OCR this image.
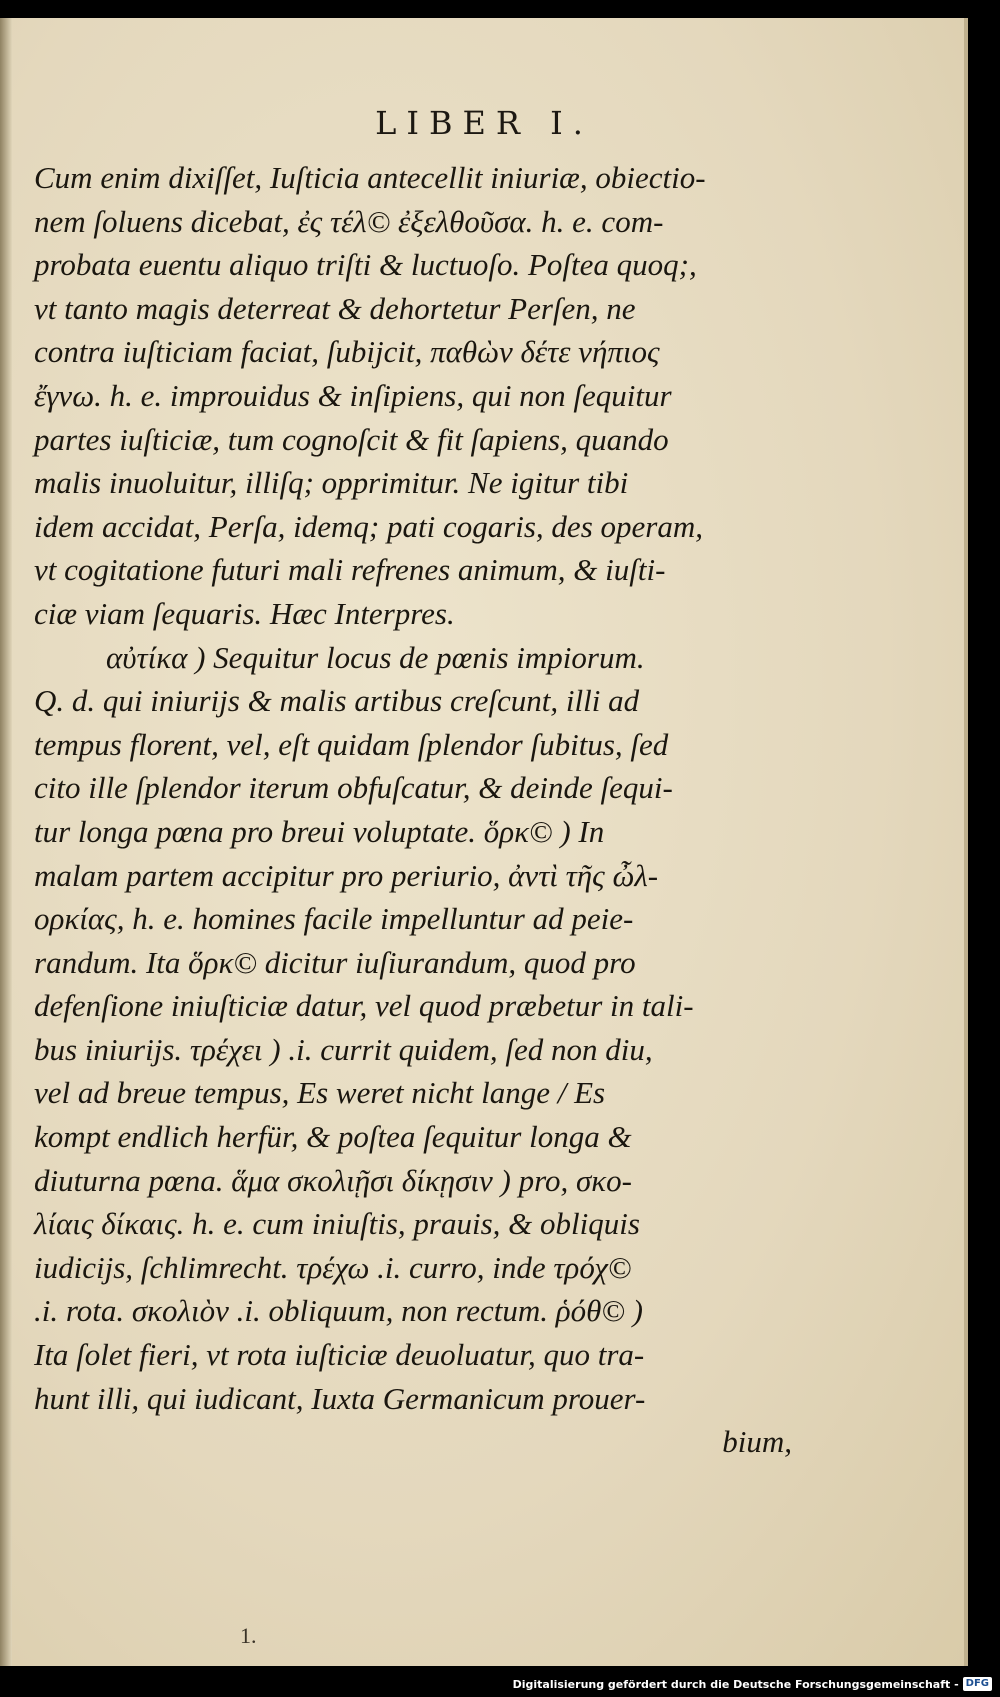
LIBER I.
Cum enim dixiſſet, Iuſticia antecellit iniuriæ, obiectio-
nem ſoluens dicebat, ἐς τέλ© ἐξελθοῦσα. h. e. com-
probata euentu aliquo triſti & luctuoſo. Poſtea quoq;,
vt tanto magis deterreat & dehortetur Perſen, ne
contra iuſticiam faciat, ſubijcit, παθὼν δέτε νήπιος
ἔγνω. h. e. improuidus & inſipiens, qui non ſequitur
partes iuſticiæ, tum cognoſcit & fit ſapiens, quando
malis inuoluitur, illiſq; opprimitur. Ne igitur tibi
idem accidat, Perſa, idemq; pati cogaris, des operam,
vt cogitatione futuri mali refrenes animum, & iuſti-
ciæ viam ſequaris. Hæc Interpres.
αὐτίκα ) Sequitur locus de pœnis impiorum.
Q. d. qui iniurijs & malis artibus creſcunt, illi ad
tempus florent, vel, eſt quidam ſplendor ſubitus, ſed
cito ille ſplendor iterum obfuſcatur, & deinde ſequi-
tur longa pœna pro breui voluptate. ὅρκ© ) In
malam partem accipitur pro periurio, ἀντὶ τῆς ὦλ-
ορκίας, h. e. homines facile impelluntur ad peie-
randum. Ita ὅρκ© dicitur iuſiurandum, quod pro
defenſione iniuſticiæ datur, vel quod præbetur in tali-
bus iniurijs. τρέχει ) .i. currit quidem, ſed non diu,
vel ad breue tempus, Es weret nicht lange / Es
kompt endlich herfür, & poſtea ſequitur longa &
diuturna pœna. ἅμα σκολιῇσι δίκῃσιν ) pro, σκο-
λίαις δίκαις. h. e. cum iniuſtis, prauis, & obliquis
iudicijs, ſchlimrecht. τρέχω .i. curro, inde τρόχ©
.i. rota. σκολιὸν .i. obliquum, non rectum. ῥόθ© )
Ita ſolet fieri, vt rota iuſticiæ deuoluatur, quo tra-
hunt illi, qui iudicant, Iuxta Germanicum prouer-
bium,
1.
Digitalisierung gefördert durch die Deutsche Forschungsgemeinschaft - DFG
